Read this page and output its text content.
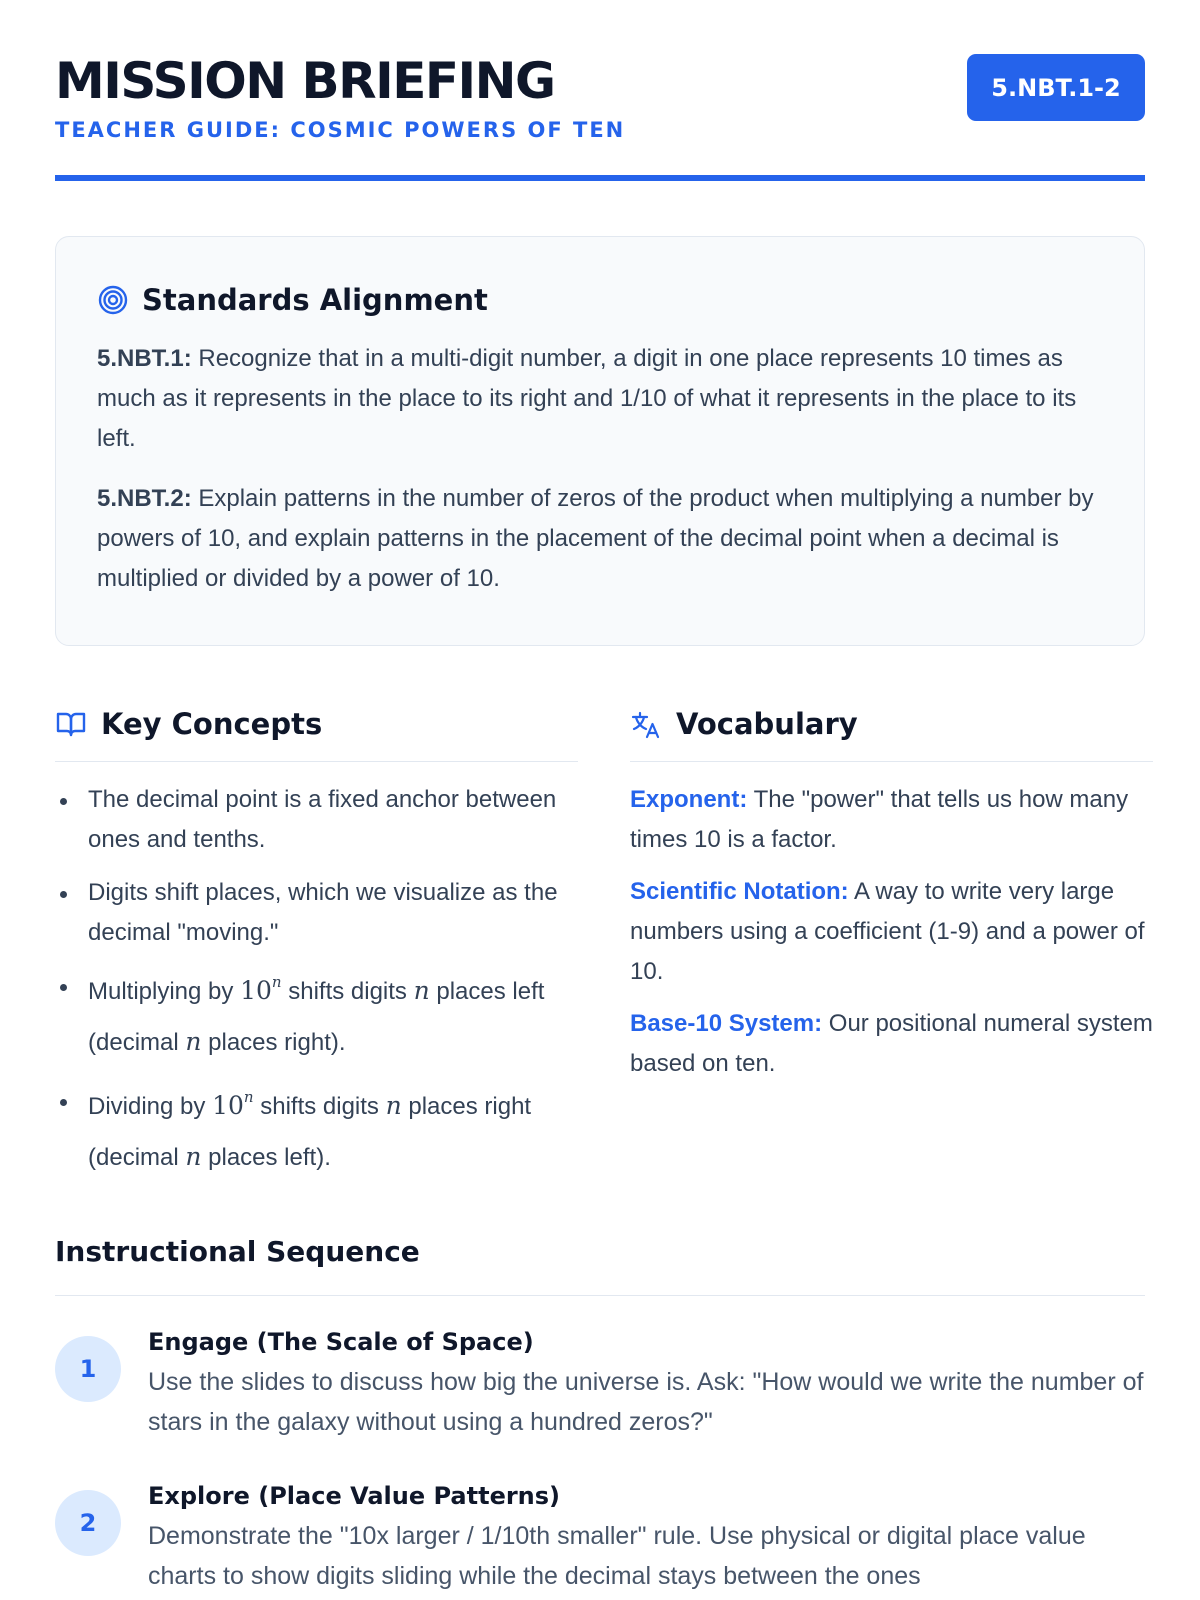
MISSION BRIEFING
TEACHER GUIDE: COSMIC POWERS OF TEN
5.NBT.1-2
Standards Alignment

5.NBT.1: Recognize that in a multi-digit number, a digit in one place represents 10 times as much as it represents in the place to its right and 1/10 of what it represents in the place to its left.

5.NBT.2: Explain patterns in the number of zeros of the product when multiplying a number by powers of 10, and explain patterns in the placement of the decimal point when a decimal is multiplied or divided by a power of 10.

Key Concepts
The decimal point is a fixed anchor between ones and tenths.
Digits shift places, which we visualize as the decimal "moving."
Multiplying by 10$^n$ shifts digits n places left (decimal n places right).
Dividing by 10$^n$ shifts digits n places right (decimal n places left).
Vocabulary

Exponent: The "power" that tells us how many times 10 is a factor.

Scientific Notation: A way to write very large numbers using a coefficient (1-9) and a power of 10.

Base-10 System: Our positional numeral system based on ten.

Instructional Sequence
1
Engage (The Scale of Space)
Use the slides to discuss how big the universe is. Ask: "How would we write the number of stars in the galaxy without using a hundred zeros?"
2
Explore (Place Value Patterns)
Demonstrate the "10x larger / 1/10th smaller" rule. Use physical or digital place value charts to show digits sliding while the decimal stays between the ones
